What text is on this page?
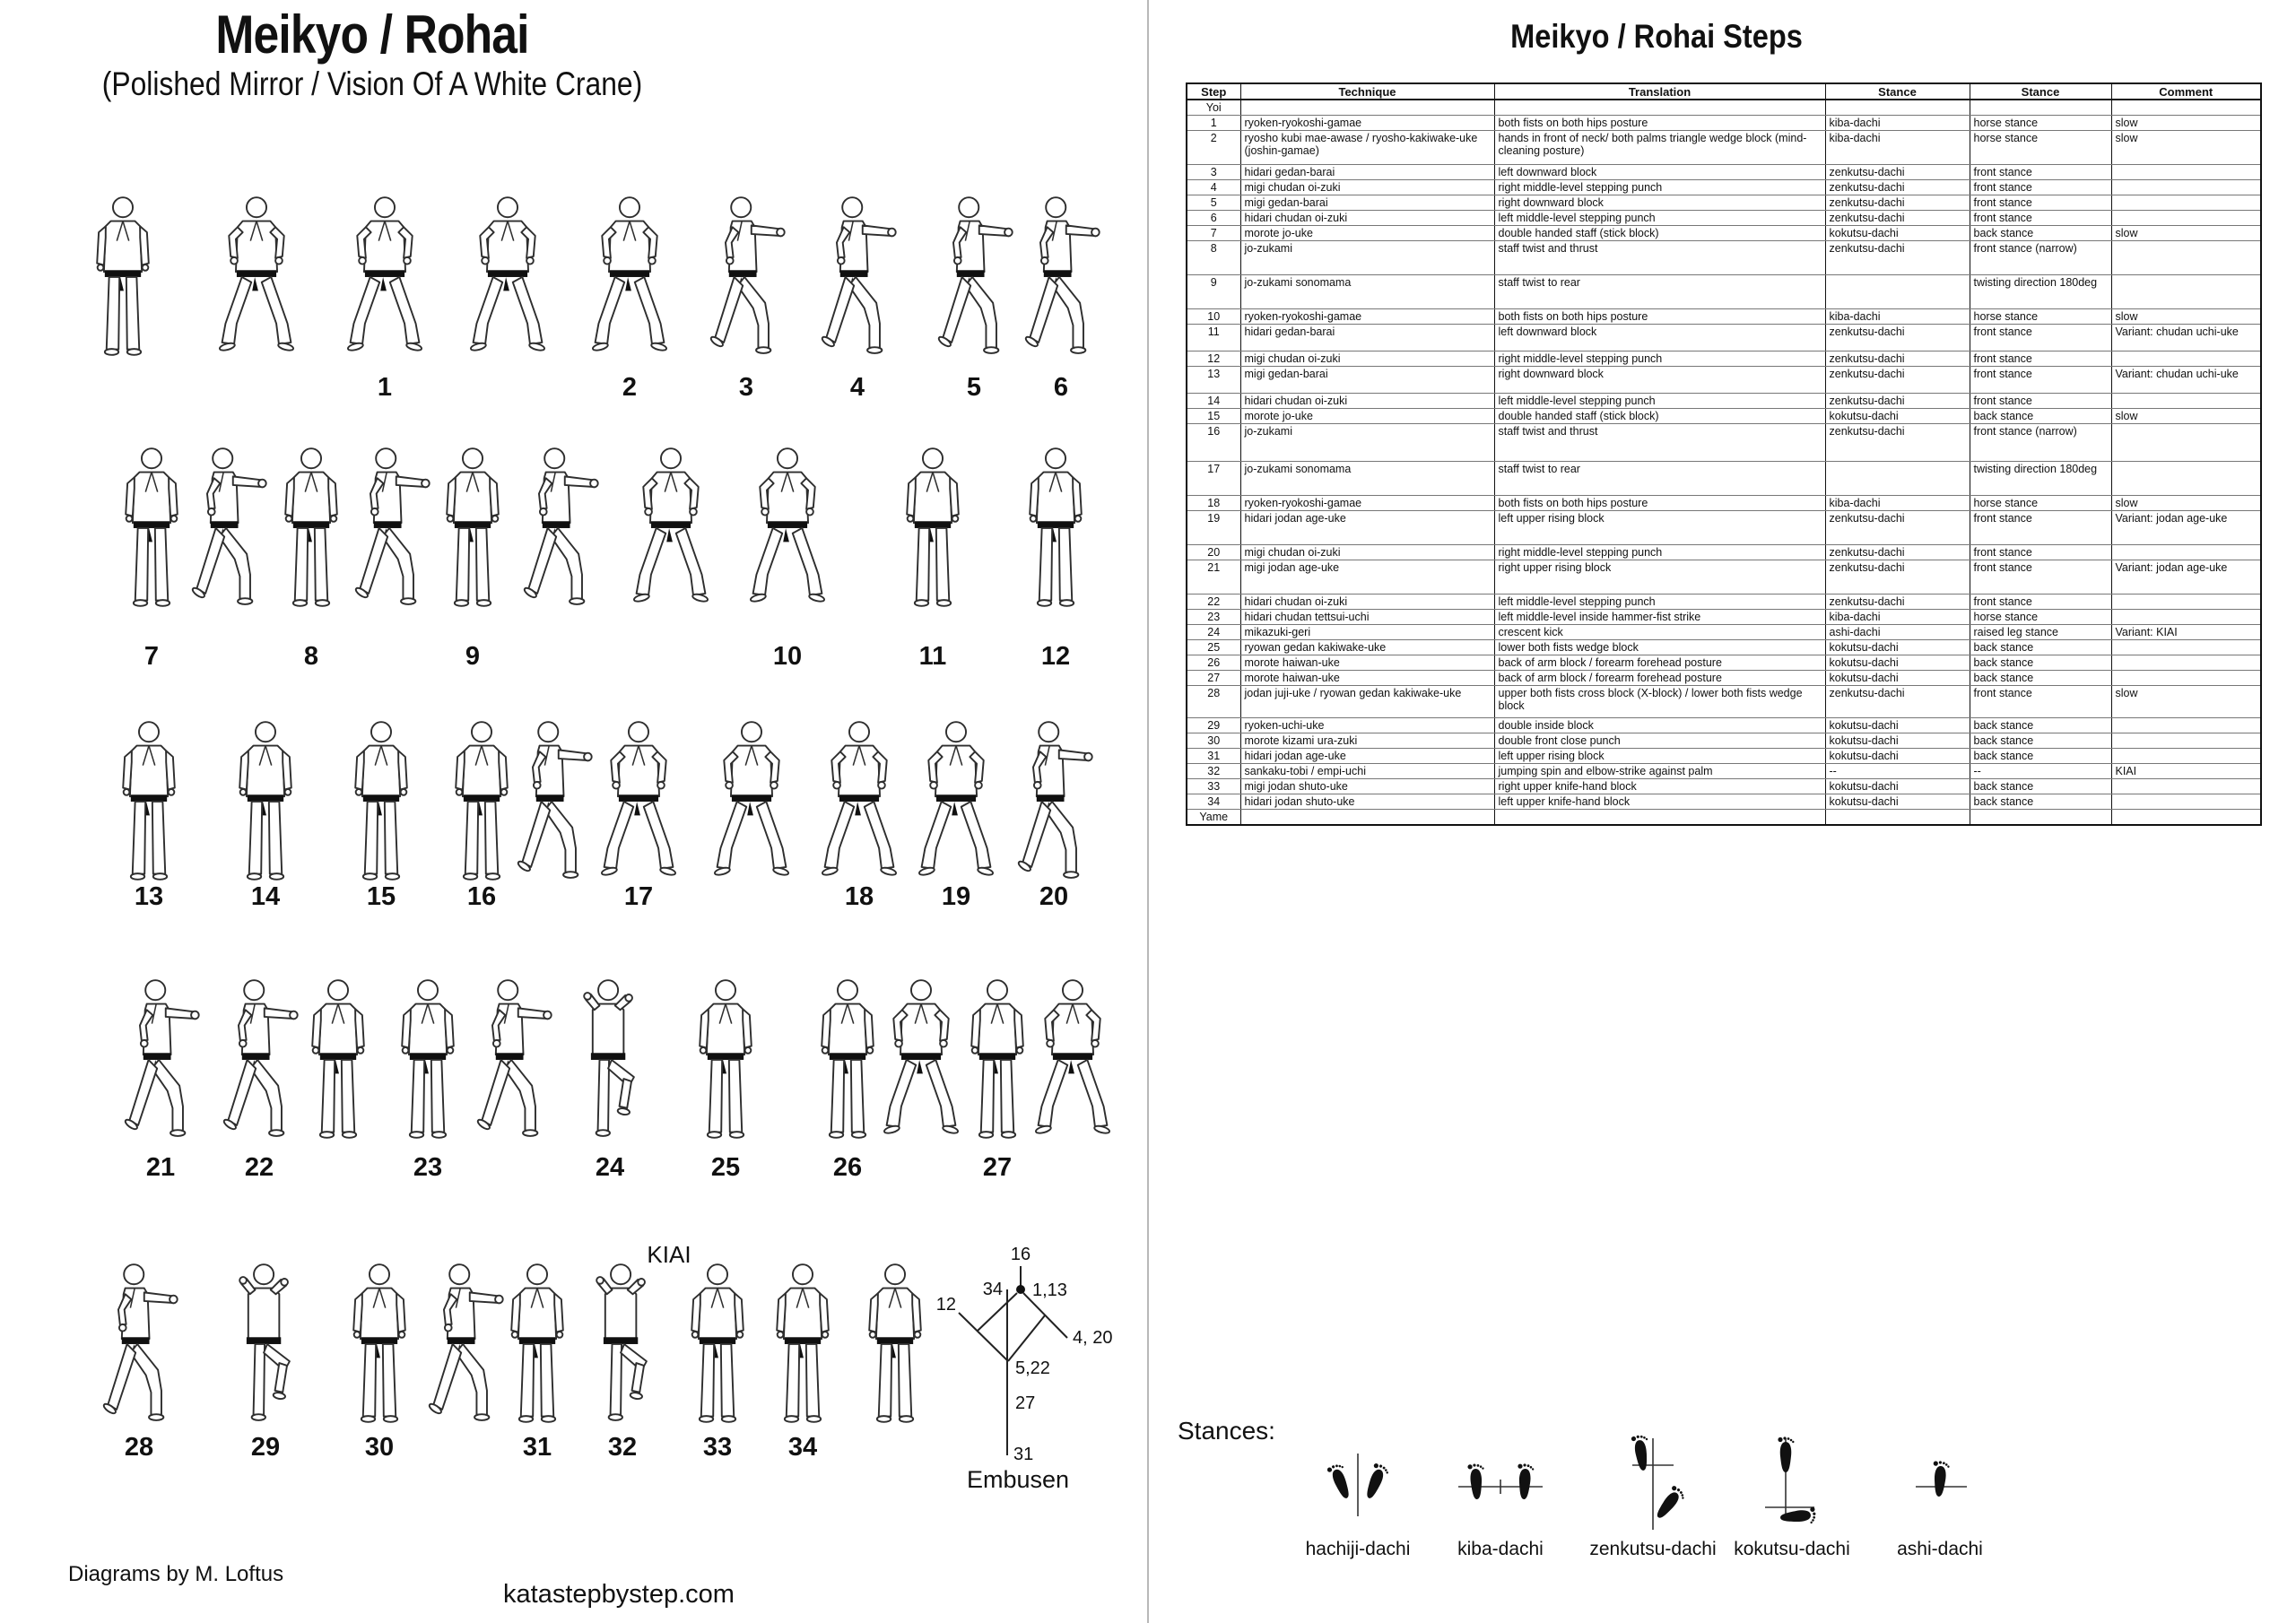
Meikyo / Rohai
(Polished Mirror / Vision Of A White Crane)
1	2	3	4	5	6
7	8	9	10	11	12
13	14	15	16	17	18	19	20
21	22	23	24	25	26	27
28	29	30	31	32	33	34
KIAI	16
34 1,13
12
4, 20
5,22
27
31
Embusen
Diagrams by M. Loftus
katastepbystep.com
Meikyo / Rohai Steps
Step	Technique	Translation	Stance	Stance	Comment
Yoi					
1	ryoken-ryokoshi-gamae	both fists on both hips posture	kiba-dachi	horse stance	slow
2	ryosho kubi mae-awase / ryosho-kakiwake-uke (joshin-gamae)	hands in front of neck/ both palms triangle wedge block (mind-cleaning posture)	kiba-dachi	horse stance	slow
3	hidari gedan-barai	left downward block	zenkutsu-dachi	front stance	
4	migi chudan oi-zuki	right middle-level stepping punch	zenkutsu-dachi	front stance	
5	migi gedan-barai	right downward block	zenkutsu-dachi	front stance	
6	hidari chudan oi-zuki	left middle-level stepping punch	zenkutsu-dachi	front stance	
7	morote jo-uke	double handed staff (stick block)	kokutsu-dachi	back stance	slow
8	jo-zukami	staff twist and thrust	zenkutsu-dachi	front stance (narrow)	
9	jo-zukami sonomama	staff twist to rear		twisting direction 180deg	
10	ryoken-ryokoshi-gamae	both fists on both hips posture	kiba-dachi	horse stance	slow
11	hidari gedan-barai	left downward block	zenkutsu-dachi	front stance	Variant: chudan uchi-uke
12	migi chudan oi-zuki	right middle-level stepping punch	zenkutsu-dachi	front stance	
13	migi gedan-barai	right downward block	zenkutsu-dachi	front stance	Variant: chudan uchi-uke
14	hidari chudan oi-zuki	left middle-level stepping punch	zenkutsu-dachi	front stance	
15	morote jo-uke	double handed staff (stick block)	kokutsu-dachi	back stance	slow
16	jo-zukami	staff twist and thrust	zenkutsu-dachi	front stance (narrow)	
17	jo-zukami sonomama	staff twist to rear		twisting direction 180deg	
18	ryoken-ryokoshi-gamae	both fists on both hips posture	kiba-dachi	horse stance	slow
19	hidari jodan age-uke	left upper rising block	zenkutsu-dachi	front stance	Variant: jodan age-uke
20	migi chudan oi-zuki	right middle-level stepping punch	zenkutsu-dachi	front stance	
21	migi jodan age-uke	right upper rising block	zenkutsu-dachi	front stance	Variant: jodan age-uke
22	hidari chudan oi-zuki	left middle-level stepping punch	zenkutsu-dachi	front stance	
23	hidari chudan tettsui-uchi	left middle-level inside hammer-fist strike	kiba-dachi	horse stance	
24	mikazuki-geri	crescent kick	ashi-dachi	raised leg stance	Variant: KIAI
25	ryowan gedan kakiwake-uke	lower both fists wedge block	kokutsu-dachi	back stance	
26	morote haiwan-uke	back of arm block / forearm forehead posture	kokutsu-dachi	back stance	
27	morote haiwan-uke	back of arm block / forearm forehead posture	kokutsu-dachi	back stance	
28	jodan juji-uke / ryowan gedan kakiwake-uke	upper both fists cross block (X-block) / lower both fists wedge block	zenkutsu-dachi	front stance	slow
29	ryoken-uchi-uke	double inside block	kokutsu-dachi	back stance	
30	morote kizami ura-zuki	double front close punch	kokutsu-dachi	back stance	
31	hidari jodan age-uke	left upper rising block	kokutsu-dachi	back stance	
32	sankaku-tobi / empi-uchi	jumping spin and elbow-strike against palm	--	--	KIAI
33	migi jodan shuto-uke	right upper knife-hand block	kokutsu-dachi	back stance	
34	hidari jodan shuto-uke	left upper knife-hand block	kokutsu-dachi	back stance	
Yame					
Stances:
hachiji-dachi	kiba-dachi	zenkutsu-dachi kokutsu-dachi	ashi-dachi
